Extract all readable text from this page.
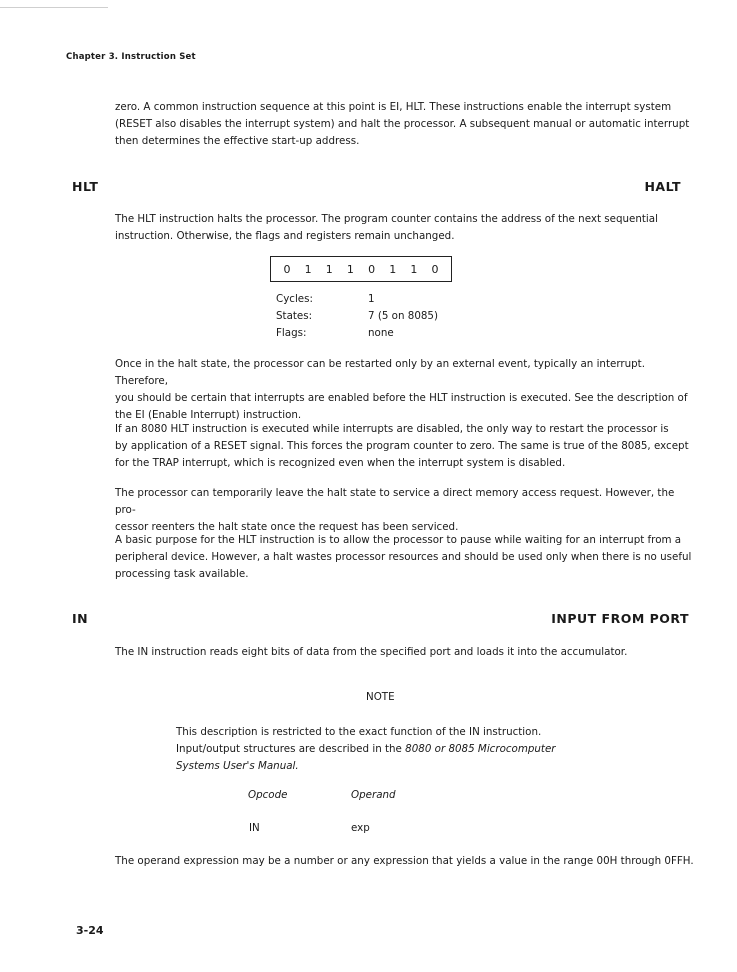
Chapter 3. Instruction Set

zero. A common instruction sequence at this point is EI, HLT. These instructions enable the interrupt system

(RESET also disables the interrupt system) and halt the processor. A subsequent manual or automatic interrupt

then determines the effective start-up address.

HLT	HALT

The HLT instruction halts the processor. The program counter contains the address of the next sequential

instruction. Otherwise, the flags and registers remain unchanged.

0	1	1	1	0	1	1	0
Cycles:	1
States:	7 (5 on 8085)
Flags:	none

Once in the halt state, the processor can be restarted only by an external event, typically an interrupt. Therefore,

you should be certain that interrupts are enabled before the HLT instruction is executed. See the description of

the EI (Enable Interrupt) instruction.

If an 8080 HLT instruction is executed while interrupts are disabled, the only way to restart the processor is

by application of a RESET signal. This forces the program counter to zero. The same is true of the 8085, except

for the TRAP interrupt, which is recognized even when the interrupt system is disabled.

The processor can temporarily leave the halt state to service a direct memory access request. However, the pro-

cessor reenters the halt state once the request has been serviced.

A basic purpose for the HLT instruction is to allow the processor to pause while waiting for an interrupt from a

peripheral device. However, a halt wastes processor resources and should be used only when there is no useful

processing task available.

IN	INPUT FROM PORT

The IN instruction reads eight bits of data from the specified port and loads it into the accumulator.

NOTE
This description is restricted to the exact function of the IN instruction.
Input/output structures are described in the 8080 or 8085 Microcomputer
Systems User's Manual.
Opcode	Operand
IN	exp

The operand expression may be a number or any expression that yields a value in the range 00H through 0FFH.

3-24
